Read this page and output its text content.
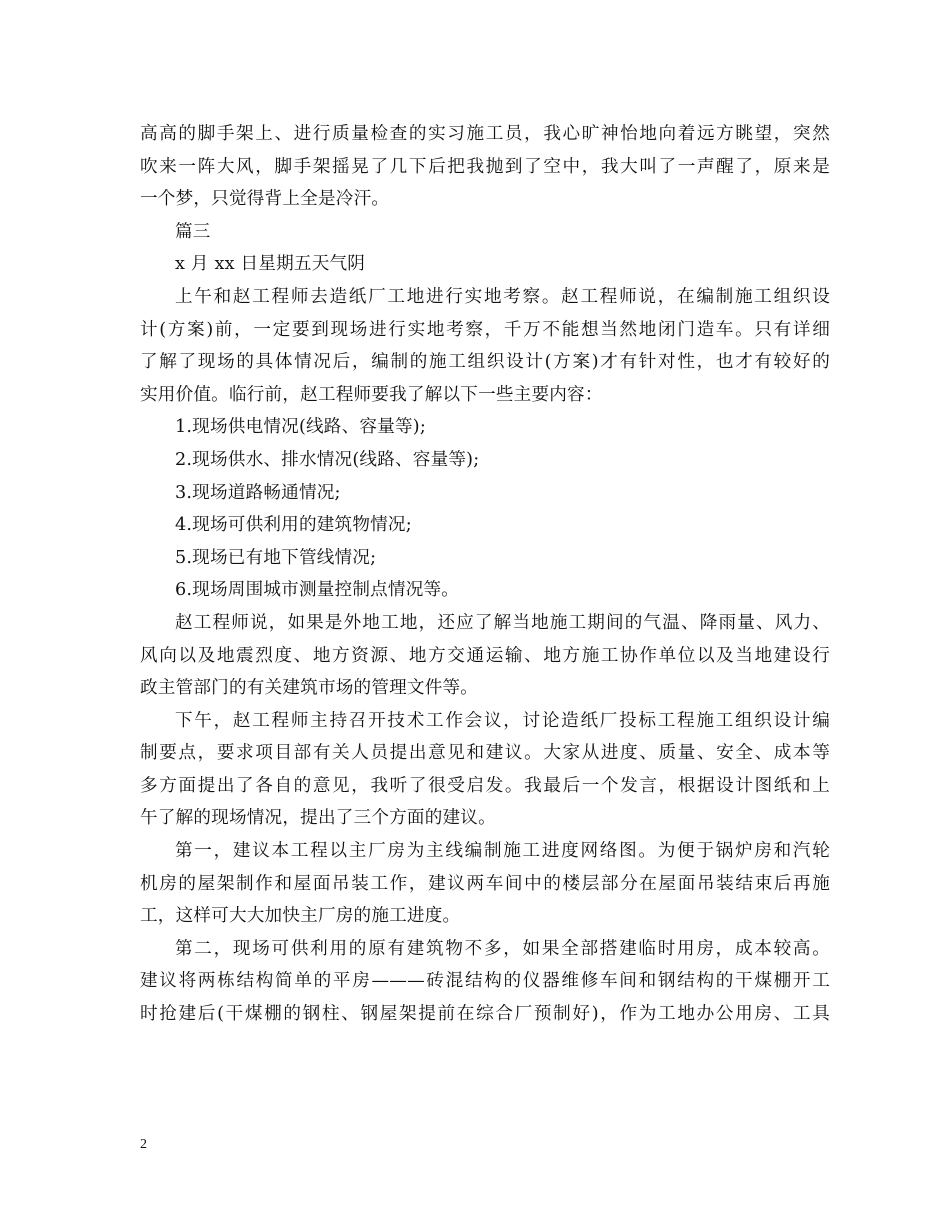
高高的脚手架上、进行质量检查的实习施工员，我心旷神怡地向着远方眺望，突然
吹来一阵大风，脚手架摇晃了几下后把我抛到了空中，我大叫了一声醒了，原来是
一个梦，只觉得背上全是冷汗。
篇三
x 月 xx 日星期五天气阴
上午和赵工程师去造纸厂工地进行实地考察。赵工程师说，在编制施工组织设
计(方案)前，一定要到现场进行实地考察，千万不能想当然地闭门造车。只有详细
了解了现场的具体情况后，编制的施工组织设计(方案)才有针对性，也才有较好的
实用价值。临行前，赵工程师要我了解以下一些主要内容：
1.现场供电情况(线路、容量等);
2.现场供水、排水情况(线路、容量等);
3.现场道路畅通情况;
4.现场可供利用的建筑物情况;
5.现场已有地下管线情况;
6.现场周围城市测量控制点情况等。
赵工程师说，如果是外地工地，还应了解当地施工期间的气温、降雨量、风力、
风向以及地震烈度、地方资源、地方交通运输、地方施工协作单位以及当地建设行
政主管部门的有关建筑市场的管理文件等。
下午，赵工程师主持召开技术工作会议，讨论造纸厂投标工程施工组织设计编
制要点，要求项目部有关人员提出意见和建议。大家从进度、质量、安全、成本等
多方面提出了各自的意见，我听了很受启发。我最后一个发言，根据设计图纸和上
午了解的现场情况，提出了三个方面的建议。
第一，建议本工程以主厂房为主线编制施工进度网络图。为便于锅炉房和汽轮
机房的屋架制作和屋面吊装工作，建议两车间中的楼层部分在屋面吊装结束后再施
工，这样可大大加快主厂房的施工进度。
第二，现场可供利用的原有建筑物不多，如果全部搭建临时用房，成本较高。
建议将两栋结构简单的平房———砖混结构的仪器维修车间和钢结构的干煤棚开工
时抢建后(干煤棚的钢柱、钢屋架提前在综合厂预制好)，作为工地办公用房、工具
2
